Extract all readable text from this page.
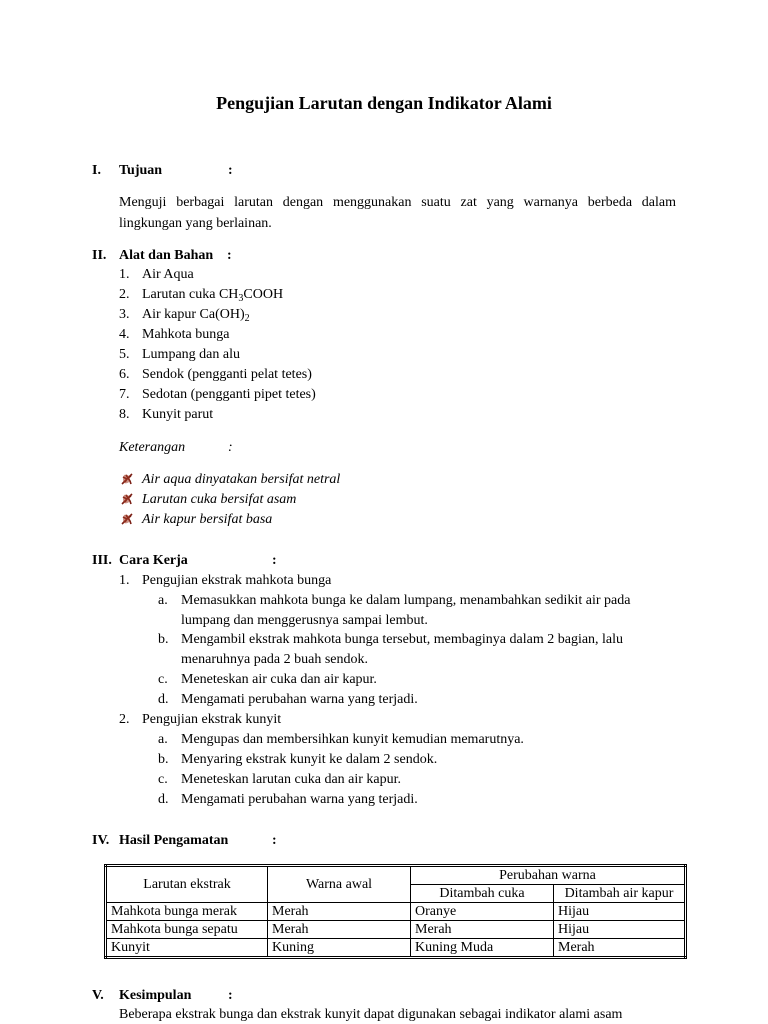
Pengujian Larutan dengan Indikator Alami
I. Tujuan	:
Menguji berbagai larutan dengan menggunakan suatu zat yang warnanya berbeda dalam lingkungan yang berlainan.
II. Alat dan Bahan :
1. Air Aqua
2. Larutan cuka $CH_3COOH$
3. Air kapur $Ca(OH)_2$
4. Mahkota bunga
5. Lumpang dan alu
6. Sendok (pengganti pelat tetes)
7. Sedotan (pengganti pipet tetes)
8. Kunyit parut
Keterangan	:
Air aqua dinyatakan bersifat netral
Larutan cuka bersifat asam
Air kapur bersifat basa
III. Cara Kerja	:
1. Pengujian ekstrak mahkota bunga
a. Memasukkan mahkota bunga ke dalam lumpang, menambahkan sedikit air pada
lumpang dan menggerusnya sampai lembut.
b. Mengambil ekstrak mahkota bunga tersebut, membaginya dalam 2 bagian, lalu
menaruhnya pada 2 buah sendok.
c. Meneteskan air cuka dan air kapur.
d. Mengamati perubahan warna yang terjadi.
2. Pengujian ekstrak kunyit
a. Mengupas dan membersihkan kunyit kemudian memarutnya.
b. Menyaring ekstrak kunyit ke dalam 2 sendok.
c. Meneteskan larutan cuka dan air kapur.
d. Mengamati perubahan warna yang terjadi.
IV. Hasil Pengamatan	:
Larutan ekstrak	Warna awal	Perubahan warna	
		Ditambah cuka	Ditambah air kapur
Mahkota bunga merak	Merah	Oranye	Hijau
Mahkota bunga sepatu	Merah	Merah	Hijau
Kunyit	Kuning	Kuning Muda	Merah
V. Kesimpulan	:
Beberapa ekstrak bunga dan ekstrak kunyit dapat digunakan sebagai indikator alami asam
